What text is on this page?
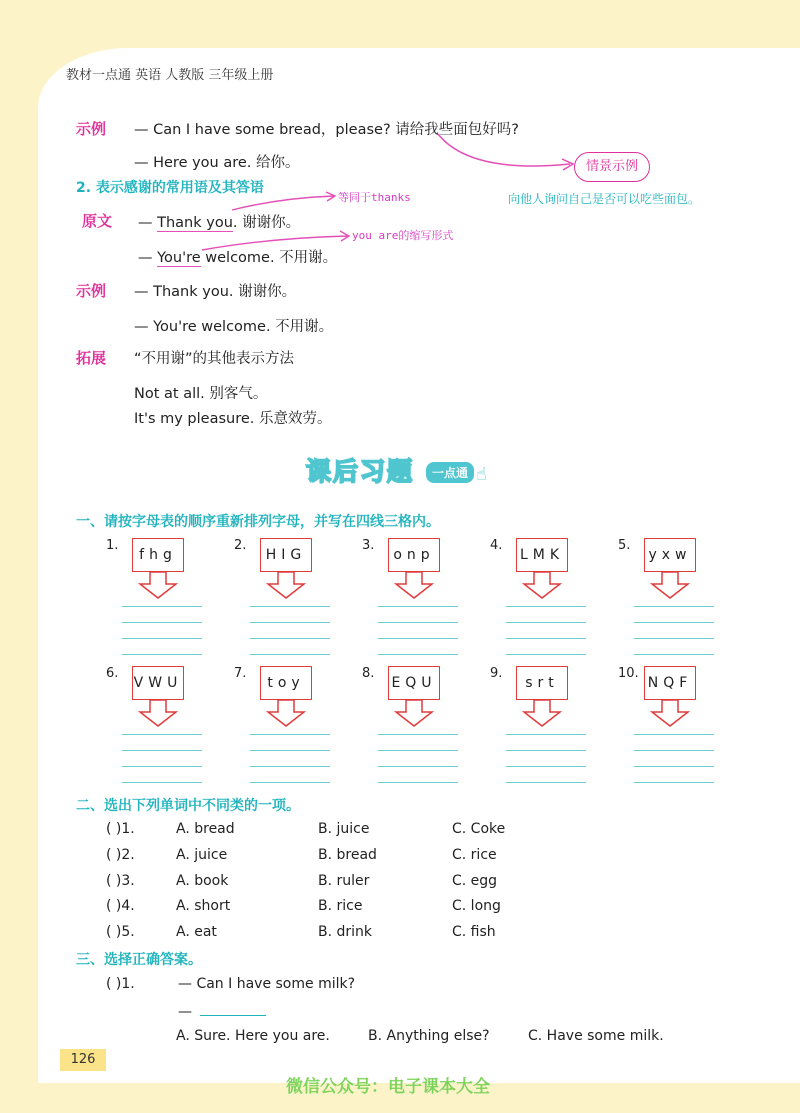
教材一点通 英语 人教版 三年级上册
示例 — Can I have some bread，please? 请给我些面包好吗?
— Here you are. 给你。	情景示例
向他人询问自己是否可以吃些面包。
2. 表示感谢的常用语及其答语
原文 — Thank you. 谢谢你。
等同于thanks
— You're welcome. 不用谢。
you are的缩写形式
示例 — Thank you. 谢谢你。
— You're welcome. 不用谢。
拓展 “不用谢”的其他表示方法
Not at all. 别客气。
It's my pleasure. 乐意效劳。
课后习题	一点通 ☝
一、请按字母表的顺序重新排列字母，并写在四线三格内。
1.
fhg
2.
HIG
3.
onp
4.
LMK
5.
yxw
6.
VWU
7.
toy
8.
EQU
9.
srt
10.
NQF
二、选出下列单词中不同类的一项。
( )1.	A. bread	B. juice	C. Coke
( )2.	A. juice	B. bread	C. rice
( )3.	A. book	B. ruler	C. egg
( )4.	A. short	B. rice	C. long
( )5.	A. eat	B. drink	C. fish
三、选择正确答案。
( )1.	— Can I have some milk?
—
A. Sure. Here you are.	B. Anything else?	C. Have some milk.
126
微信公众号：电子课本大全
